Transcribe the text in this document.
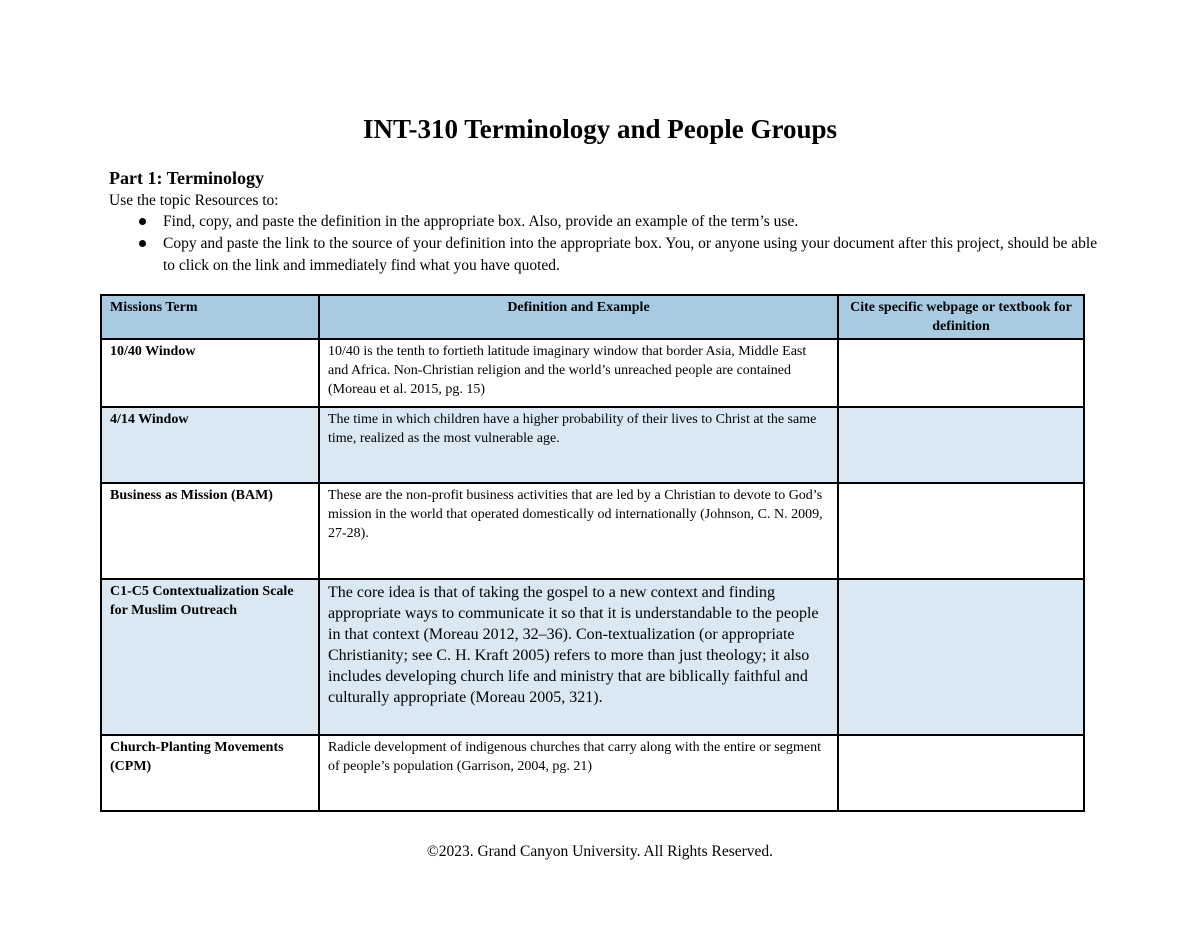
INT-310 Terminology and People Groups
Part 1: Terminology
Use the topic Resources to:
Find, copy, and paste the definition in the appropriate box. Also, provide an example of the term’s use.
Copy and paste the link to the source of your definition into the appropriate box. You, or anyone using your document after this project, should be able to click on the link and immediately find what you have quoted.
Missions Term	Definition and Example	Cite specific webpage or textbook for definition
10/40 Window	10/40 is the tenth to fortieth latitude imaginary window that border Asia, Middle East and Africa. Non-Christian religion and the world’s unreached people are contained (Moreau et al. 2015, pg. 15)	
4/14 Window	The time in which children have a higher probability of their lives to Christ at the same time, realized as the most vulnerable age.	
Business as Mission (BAM)	These are the non-profit business activities that are led by a Christian to devote to God’s mission in the world that operated domestically od internationally (Johnson, C. N. 2009, 27-28).	
C1-C5 Contextualization Scale for Muslim Outreach	The core idea is that of taking the gospel to a new context and finding appropriate ways to communicate it so that it is understandable to the people in that context (Moreau 2012, 32–36). Con-textualization (or appropriate Christianity; see C. H. Kraft 2005) refers to more than just theology; it also includes developing church life and ministry that are biblically faithful and culturally appropriate (Moreau 2005, 321).	
Church-Planting Movements (CPM)	Radicle development of indigenous churches that carry along with the entire or segment of people’s population (Garrison, 2004, pg. 21)	
©2023. Grand Canyon University. All Rights Reserved.
